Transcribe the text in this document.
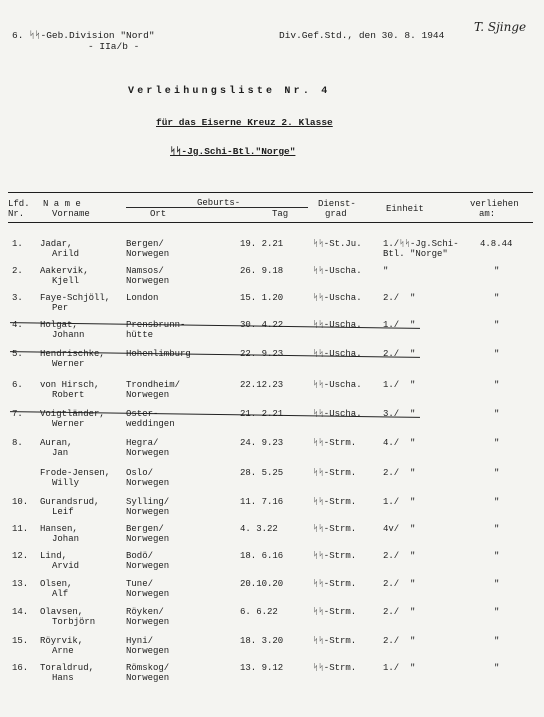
6. ᛋᛋ-Geb.Division "Nord"
- IIa/b -
Div.Gef.Std., den 30. 8. 1944
T. Sjinge
Verleihungsliste Nr. 4
für das Eiserne Kreuz 2. Klasse
ᛋᛋ-Jg.Schi-Btl."Norge"
Lfd.
Nr.
N a m e
Vorname
Geburts-
Ort	Tag
Dienst-
grad	Einheit	verliehen
am:
1. Jadar,
Arild
Bergen/
Norwegen
19. 2.21	ᛋᛋ-St.Ju. 1./ᛋᛋ-Jg.Schi-
Btl. "Norge"
4.8.44
2. Aakervik,
Kjell
Namsos/
Norwegen
26. 9.18	ᛋᛋ-Uscha. "	"
3. Faye-Schjöll,
Per
London	15. 1.20	ᛋᛋ-Uscha. 2./  "	"
4. Holgat,
Johann
Prensbrunn-
hütte
30. 4.22	ᛋᛋ-Uscha. 1./  "	"
5. Hendrischke,
Werner
Hohenlimburg	22. 9.23	ᛋᛋ-Uscha. 2./  "	"
6. von Hirsch,
Robert
Trondheim/
Norwegen
22.12.23	ᛋᛋ-Uscha. 1./  "	"
7. Voigtländer,
Werner
Oster-
weddingen
21. 2.21	ᛋᛋ-Uscha. 3./  "	"
8. Auran,
Jan
Hegra/
Norwegen
24. 9.23	ᛋᛋ-Strm.	4./  "	"
Frode-Jensen,
Willy
Oslo/
Norwegen
28. 5.25	ᛋᛋ-Strm.	2./  "	"
10. Gurandsrud,
Leif
Sylling/
Norwegen
11. 7.16	ᛋᛋ-Strm.	1./  "	"
11. Hansen,
Johan
Bergen/
Norwegen
4. 3.22	ᛋᛋ-Strm.	4v/  "	"
12. Lind,
Arvid
Bodö/
Norwegen
18. 6.16	ᛋᛋ-Strm.	2./  "	"
13. Olsen,
Alf
Tune/
Norwegen
20.10.20	ᛋᛋ-Strm.	2./  "	"
14. Olavsen,
Torbjörn
Röyken/
Norwegen
6. 6.22	ᛋᛋ-Strm.	2./  "	"
15. Röyrvik,
Arne
Hyni/
Norwegen
18. 3.20	ᛋᛋ-Strm.	2./  "	"
16. Toraldrud,
Hans
Römskog/
Norwegen
13. 9.12	ᛋᛋ-Strm.	1./  "	"
